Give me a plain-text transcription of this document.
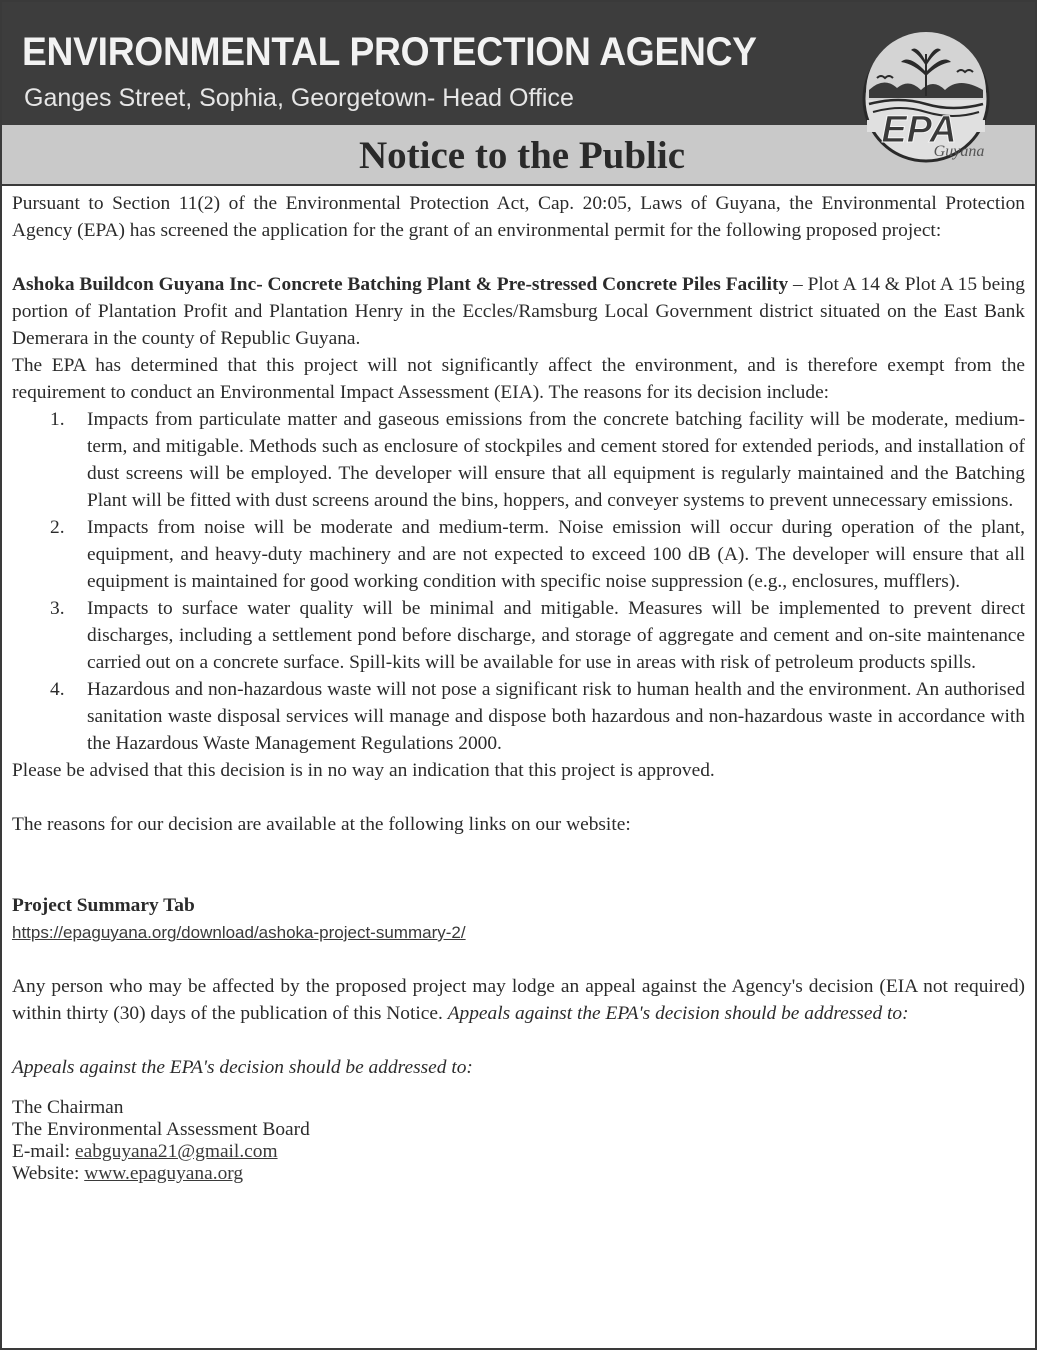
ENVIRONMENTAL PROTECTION AGENCY
Ganges Street, Sophia, Georgetown- Head Office
Notice to the Public
EPA
Guyana

Pursuant to Section 11(2) of the Environmental Protection Act, Cap. 20:05, Laws of Guyana, the Environmental Protection Agency (EPA) has screened the application for the grant of an environmental permit for the following proposed project:

Ashoka Buildcon Guyana Inc- Concrete Batching Plant & Pre-stressed Concrete Piles Facility – Plot A 14 & Plot A 15 being portion of Plantation Profit and Plantation Henry in the Eccles/Ramsburg Local Government district situated on the East Bank Demerara in the county of Republic Guyana.

The EPA has determined that this project will not significantly affect the environment, and is therefore exempt from the requirement to conduct an Environmental Impact Assessment (EIA). The reasons for its decision include:

1. Impacts from particulate matter and gaseous emissions from the concrete batching facility will be moderate, medium-term, and mitigable. Methods such as enclosure of stockpiles and cement stored for extended periods, and installation of dust screens will be employed. The developer will ensure that all equipment is regularly maintained and the Batching Plant will be fitted with dust screens around the bins, hoppers, and conveyer systems to prevent unnecessary emissions.
2. Impacts from noise will be moderate and medium-term. Noise emission will occur during operation of the plant, equipment, and heavy-duty machinery and are not expected to exceed 100 dB (A). The developer will ensure that all equipment is maintained for good working condition with specific noise suppression (e.g., enclosures, mufflers).
3. Impacts to surface water quality will be minimal and mitigable. Measures will be implemented to prevent direct discharges, including a settlement pond before discharge, and storage of aggregate and cement and on-site maintenance carried out on a concrete surface. Spill-kits will be available for use in areas with risk of petroleum products spills.
4. Hazardous and non-hazardous waste will not pose a significant risk to human health and the environment. An authorised sanitation waste disposal services will manage and dispose both hazardous and non-hazardous waste in accordance with the Hazardous Waste Management Regulations 2000.

Please be advised that this decision is in no way an indication that this project is approved.

The reasons for our decision are available at the following links on our website:

Project Summary Tab

https://epaguyana.org/download/ashoka-project-summary-2/

Any person who may be affected by the proposed project may lodge an appeal against the Agency's decision (EIA not required) within thirty (30) days of the publication of this Notice. Appeals against the EPA's decision should be addressed to:

Appeals against the EPA's decision should be addressed to:

The Chairman

The Environmental Assessment Board

E-mail: eabguyana21@gmail.com

Website: www.epaguyana.org
